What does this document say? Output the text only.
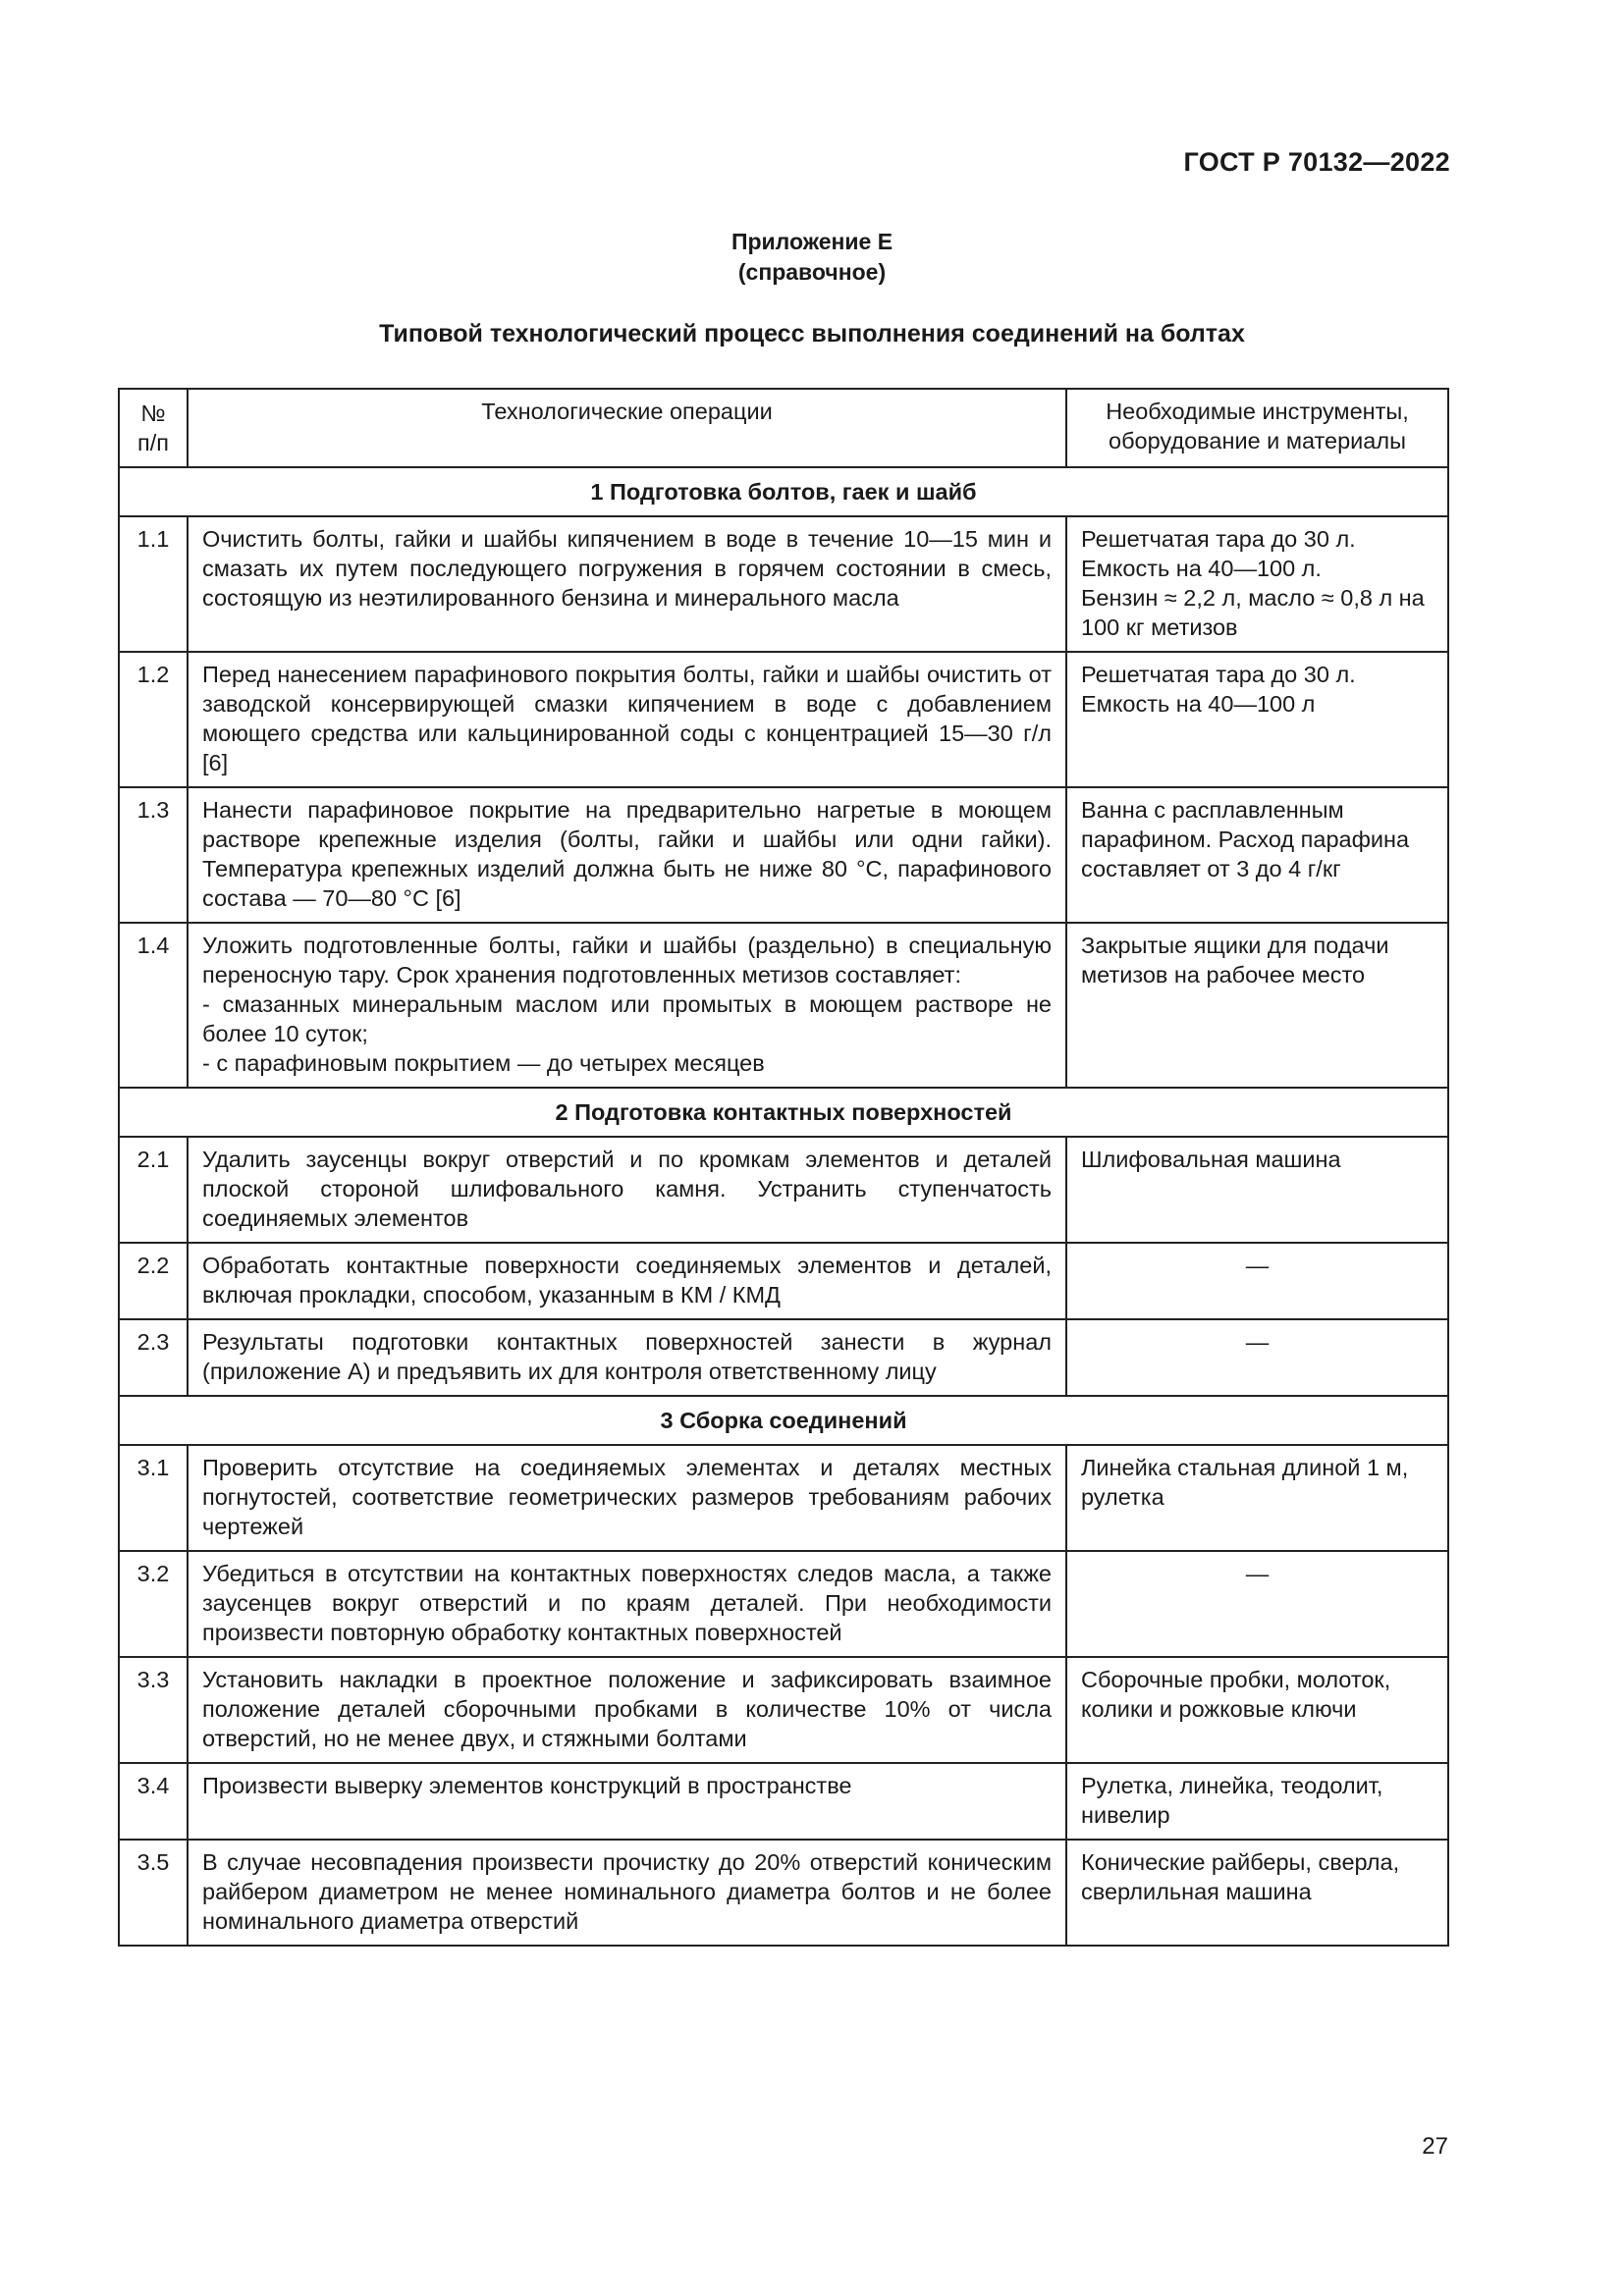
ГОСТ Р 70132—2022
Приложение Е
(справочное)
Типовой технологический процесс выполнения соединений на болтах
№
п/п	Технологические операции	Необходимые инструменты,
оборудование и материалы

1 Подготовка болтов, гаек и шайб		
1.1	Очистить болты, гайки и шайбы кипячением в воде в течение 10—15 мин и смазать их путем последующего погружения в горячем состоянии в смесь, состоящую из неэтилированного бензина и минерального масла	Решетчатая тара до 30 л.
Емкость на 40—100 л.
Бензин ≈ 2,2 л, масло ≈ 0,8 л на 100 кг метизов

1.2	Перед нанесением парафинового покрытия болты, гайки и шайбы очистить от заводской консервирующей смазки кипячением в воде с добавлением моющего средства или кальцинированной соды с концентрацией 15—30 г/л [6]	Решетчатая тара до 30 л.
Емкость на 40—100 л

1.3	Нанести парафиновое покрытие на предварительно нагретые в моющем растворе крепежные изделия (болты, гайки и шайбы или одни гайки). Температура крепежных изделий должна быть не ниже 80 °С, парафинового состава — 70—80 °С [6]	Ванна с расплавленным парафином. Расход парафина составляет от 3 до 4 г/кг

1.4	Уложить подготовленные болты, гайки и шайбы (раздельно) в специальную переносную тару. Срок хранения подготовленных метизов составляет:
- смазанных минеральным маслом или промытых в моющем растворе не более 10 суток;
- с парафиновым покрытием — до четырех месяцев	Закрытые ящики для подачи метизов на рабочее место

2 Подготовка контактных поверхностей		
2.1	Удалить заусенцы вокруг отверстий и по кромкам элементов и деталей плоской стороной шлифовального камня. Устранить ступенчатость соединяемых элементов	Шлифовальная машина

2.2	Обработать контактные поверхности соединяемых элементов и деталей, включая прокладки, способом, указанным в КМ / КМД	—

2.3	Результаты подготовки контактных поверхностей занести в журнал (приложение А) и предъявить их для контроля ответственному лицу	—

3 Сборка соединений		
3.1	Проверить отсутствие на соединяемых элементах и деталях местных погнутостей, соответствие геометрических размеров требованиям рабочих чертежей	Линейка стальная длиной 1 м, рулетка

3.2	Убедиться в отсутствии на контактных поверхностях следов масла, а также заусенцев вокруг отверстий и по краям деталей. При необходимости произвести повторную обработку контактных поверхностей	—

3.3	Установить накладки в проектное положение и зафиксировать взаимное положение деталей сборочными пробками в количестве 10% от числа отверстий, но не менее двух, и стяжными болтами	Сборочные пробки, молоток, колики и рожковые ключи

3.4	Произвести выверку элементов конструкций в пространстве	Рулетка, линейка, теодолит, нивелир

3.5	В случае несовпадения произвести прочистку до 20% отверстий коническим райбером диаметром не менее номинального диаметра болтов и не более номинального диаметра отверстий	Конические райберы, сверла, сверлильная машина
27
